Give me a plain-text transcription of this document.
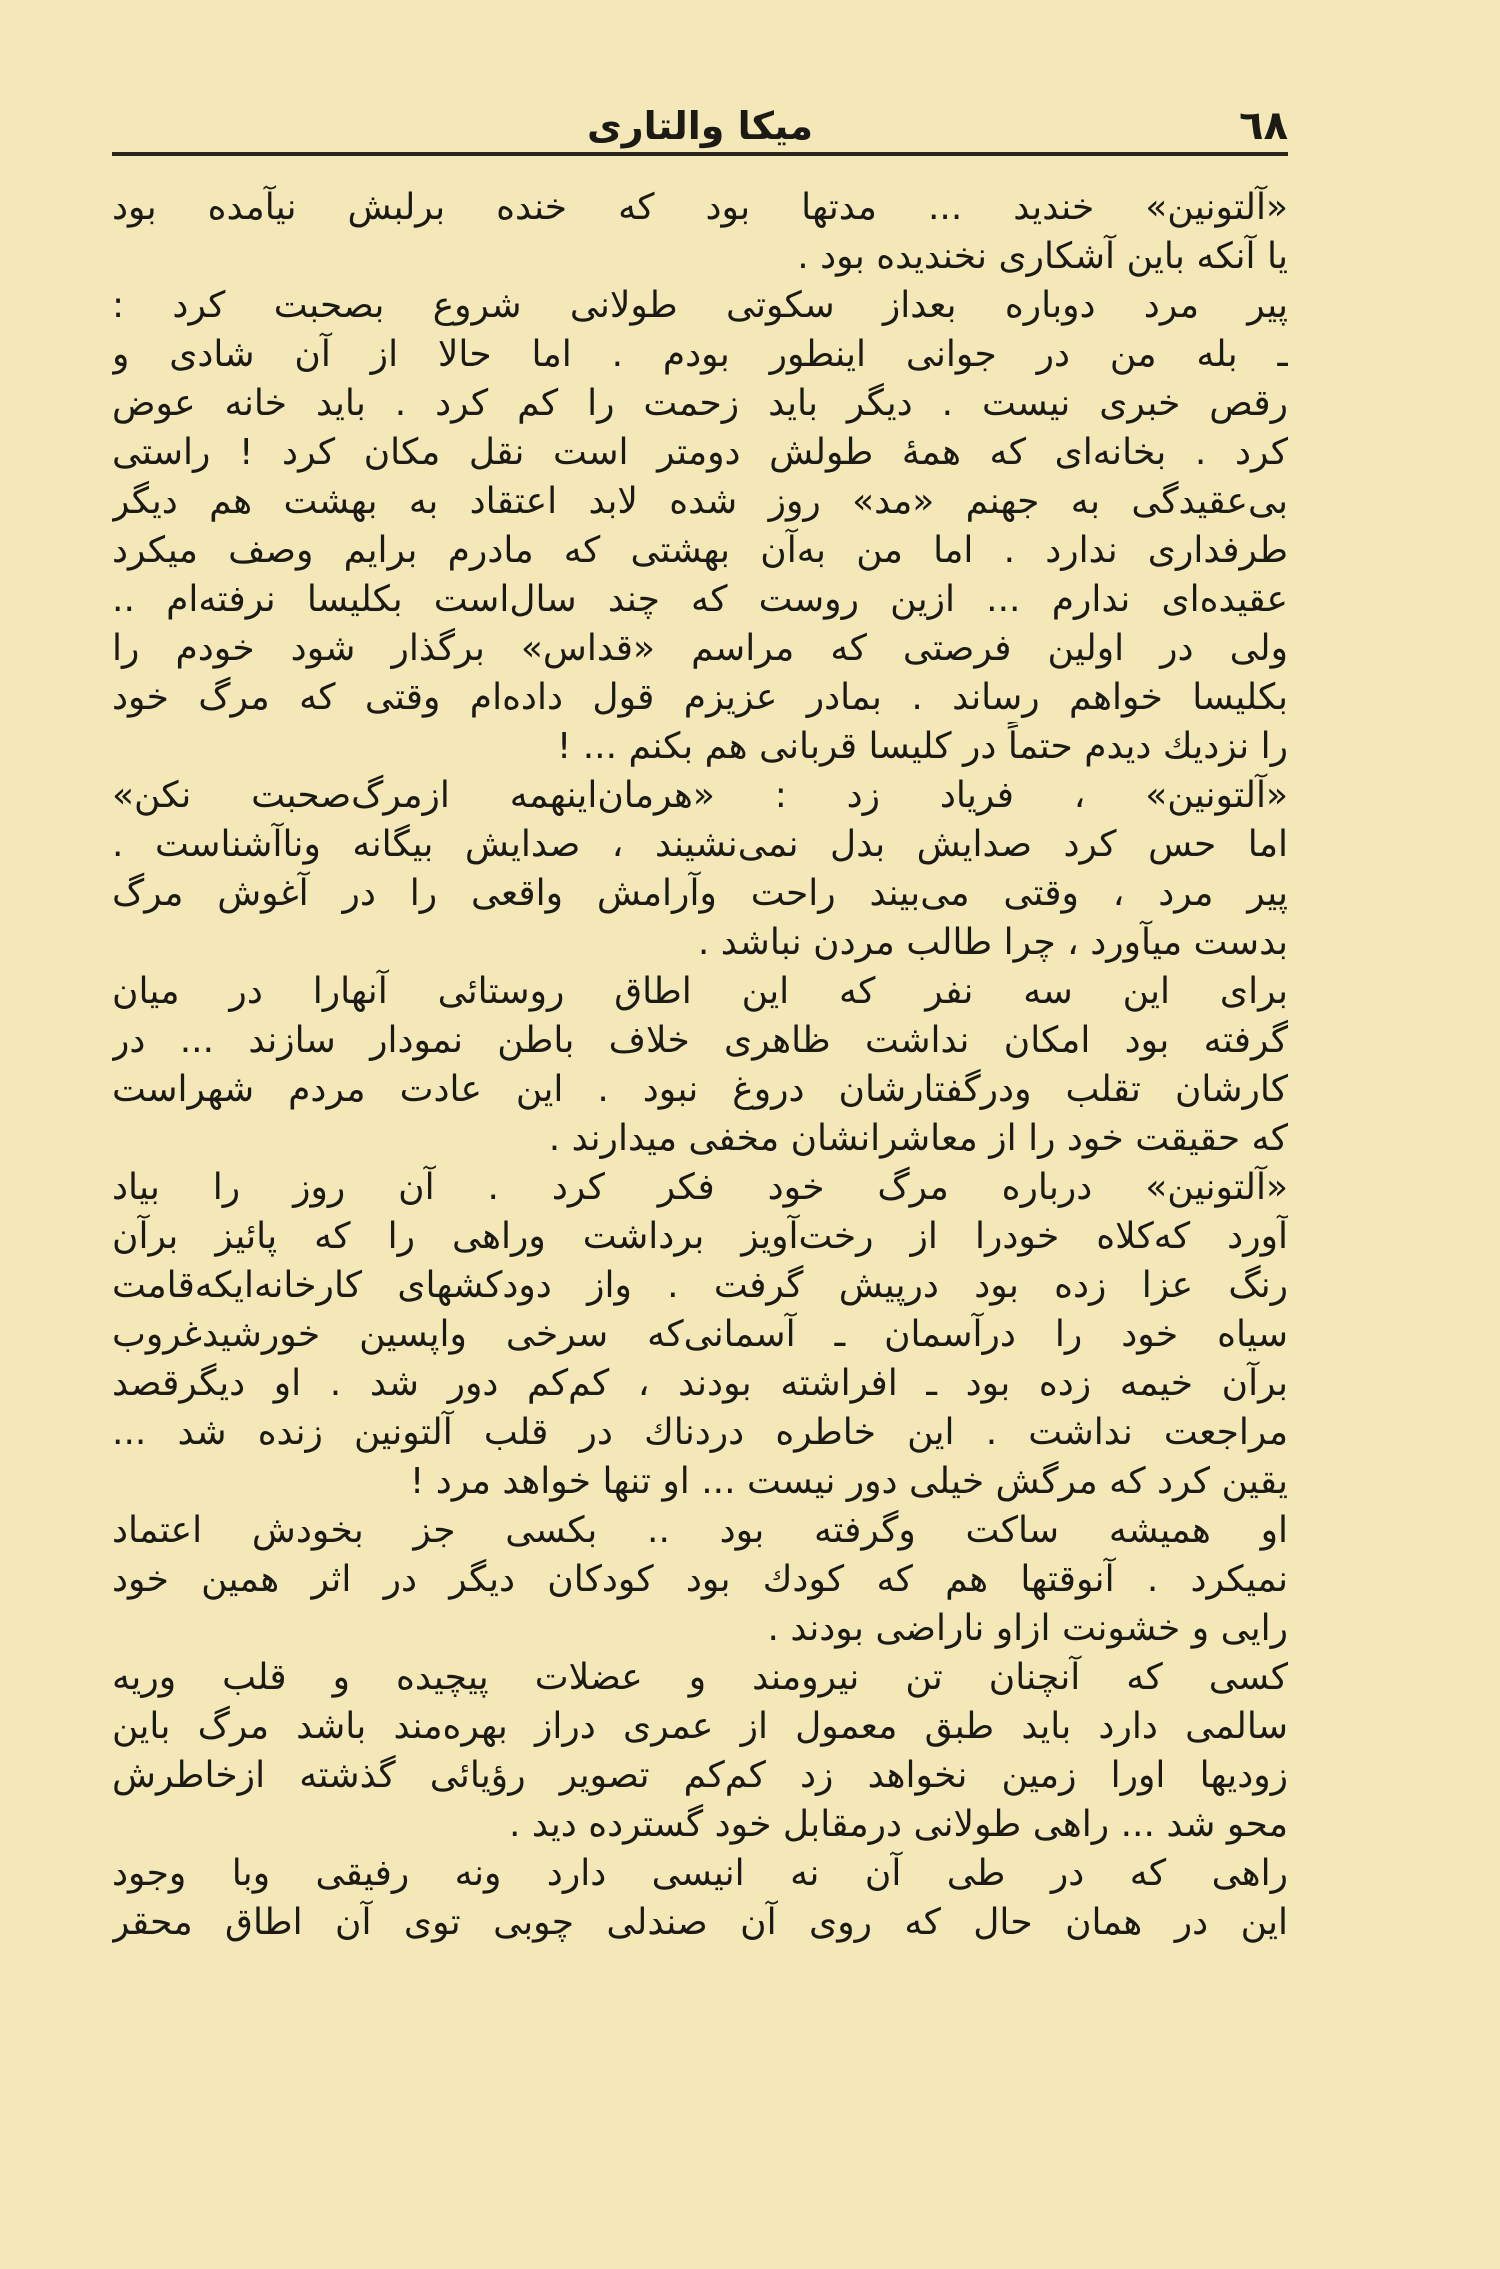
٦٨
میکا والتاری
«آلتونین» خندید ... مدتها بود که خنده برلبش نیآمده بود
یا آنکه باین آشکاری نخندیده بود .
پیر مرد دوباره بعداز سکوتی طولانی شروع بصحبت کرد :
ـ بله من در جوانی اینطور بودم . اما حالا از آن شادی و
رقص خبری نیست . دیگر باید زحمت را کم کرد . باید خانه عوض
کرد . بخانه‌ای که همهٔ طولش دومتر است نقل مکان کرد ! راستی
بی‌عقیدگی به جهنم «مد» روز شده لابد اعتقاد به بهشت هم دیگر
طرفداری ندارد . اما من به‌آن بهشتی که مادرم برایم وصف میکرد
عقیده‌ای ندارم ... ازین روست که چند سال‌است بکلیسا نرفته‌ام ..
ولی در اولین فرصتی که مراسم «قداس» برگذار شود خودم را
بکلیسا خواهم رساند . بمادر عزیزم قول داده‌ام وقتی که مرگ خود
را نزدیك دیدم حتماً در کلیسا قربانی هم بکنم ... !
«آلتونین» ، فریاد زد : «هرمان‌اینهمه ازمرگ‌صحبت نکن»
اما حس کرد صدایش بدل نمی‌نشیند ، صدایش بیگانه وناآشناست .
پیر مرد ، وقتی می‌بیند راحت وآرامش واقعی را در آغوش مرگ
بدست میآورد ، چرا طالب مردن نباشد .
برای این سه نفر که این اطاق روستائی آنهارا در میان
گرفته بود امکان نداشت ظاهری خلاف باطن نمودار سازند ... در
کارشان تقلب ودرگفتارشان دروغ نبود . این عادت مردم شهراست
که حقیقت خود را از معاشرانشان مخفی میدارند .
«آلتونین» درباره مرگ خود فکر کرد . آن روز را بیاد
آورد که‌کلاه خودرا از رخت‌آویز برداشت وراهی را که پائیز برآن
رنگ عزا زده بود درپیش گرفت . واز دودکشهای کارخانه‌ایکه‌قامت
سیاه خود را درآسمان ـ آسمانی‌که سرخی واپسین خورشیدغروب
برآن خیمه زده بود ـ افراشته بودند ، کم‌کم دور شد . او دیگرقصد
مراجعت نداشت . این خاطره دردناك در قلب آلتونین زنده شد ...
یقین کرد که مرگش خیلی دور نیست ... او تنها خواهد مرد !
او همیشه ساکت وگرفته بود .. بکسی جز بخودش اعتماد
نمیکرد . آنوقتها هم که کودك بود کودکان دیگر در اثر همین خود
رایی و خشونت ازاو ناراضی بودند .
کسی که آنچنان تن نیرومند و عضلات پیچیده و قلب وریه
سالمی دارد باید طبق معمول از عمری دراز بهره‌مند باشد مرگ باین
زودیها اورا زمین نخواهد زد کم‌کم تصویر رؤیائی گذشته ازخاطرش
محو شد ... راهی طولانی درمقابل خود گسترده دید .
راهی که در طی آن نه انیسی دارد ونه رفیقی وبا وجود
این در همان حال که روی آن صندلی چوبی توی آن اطاق محقر
